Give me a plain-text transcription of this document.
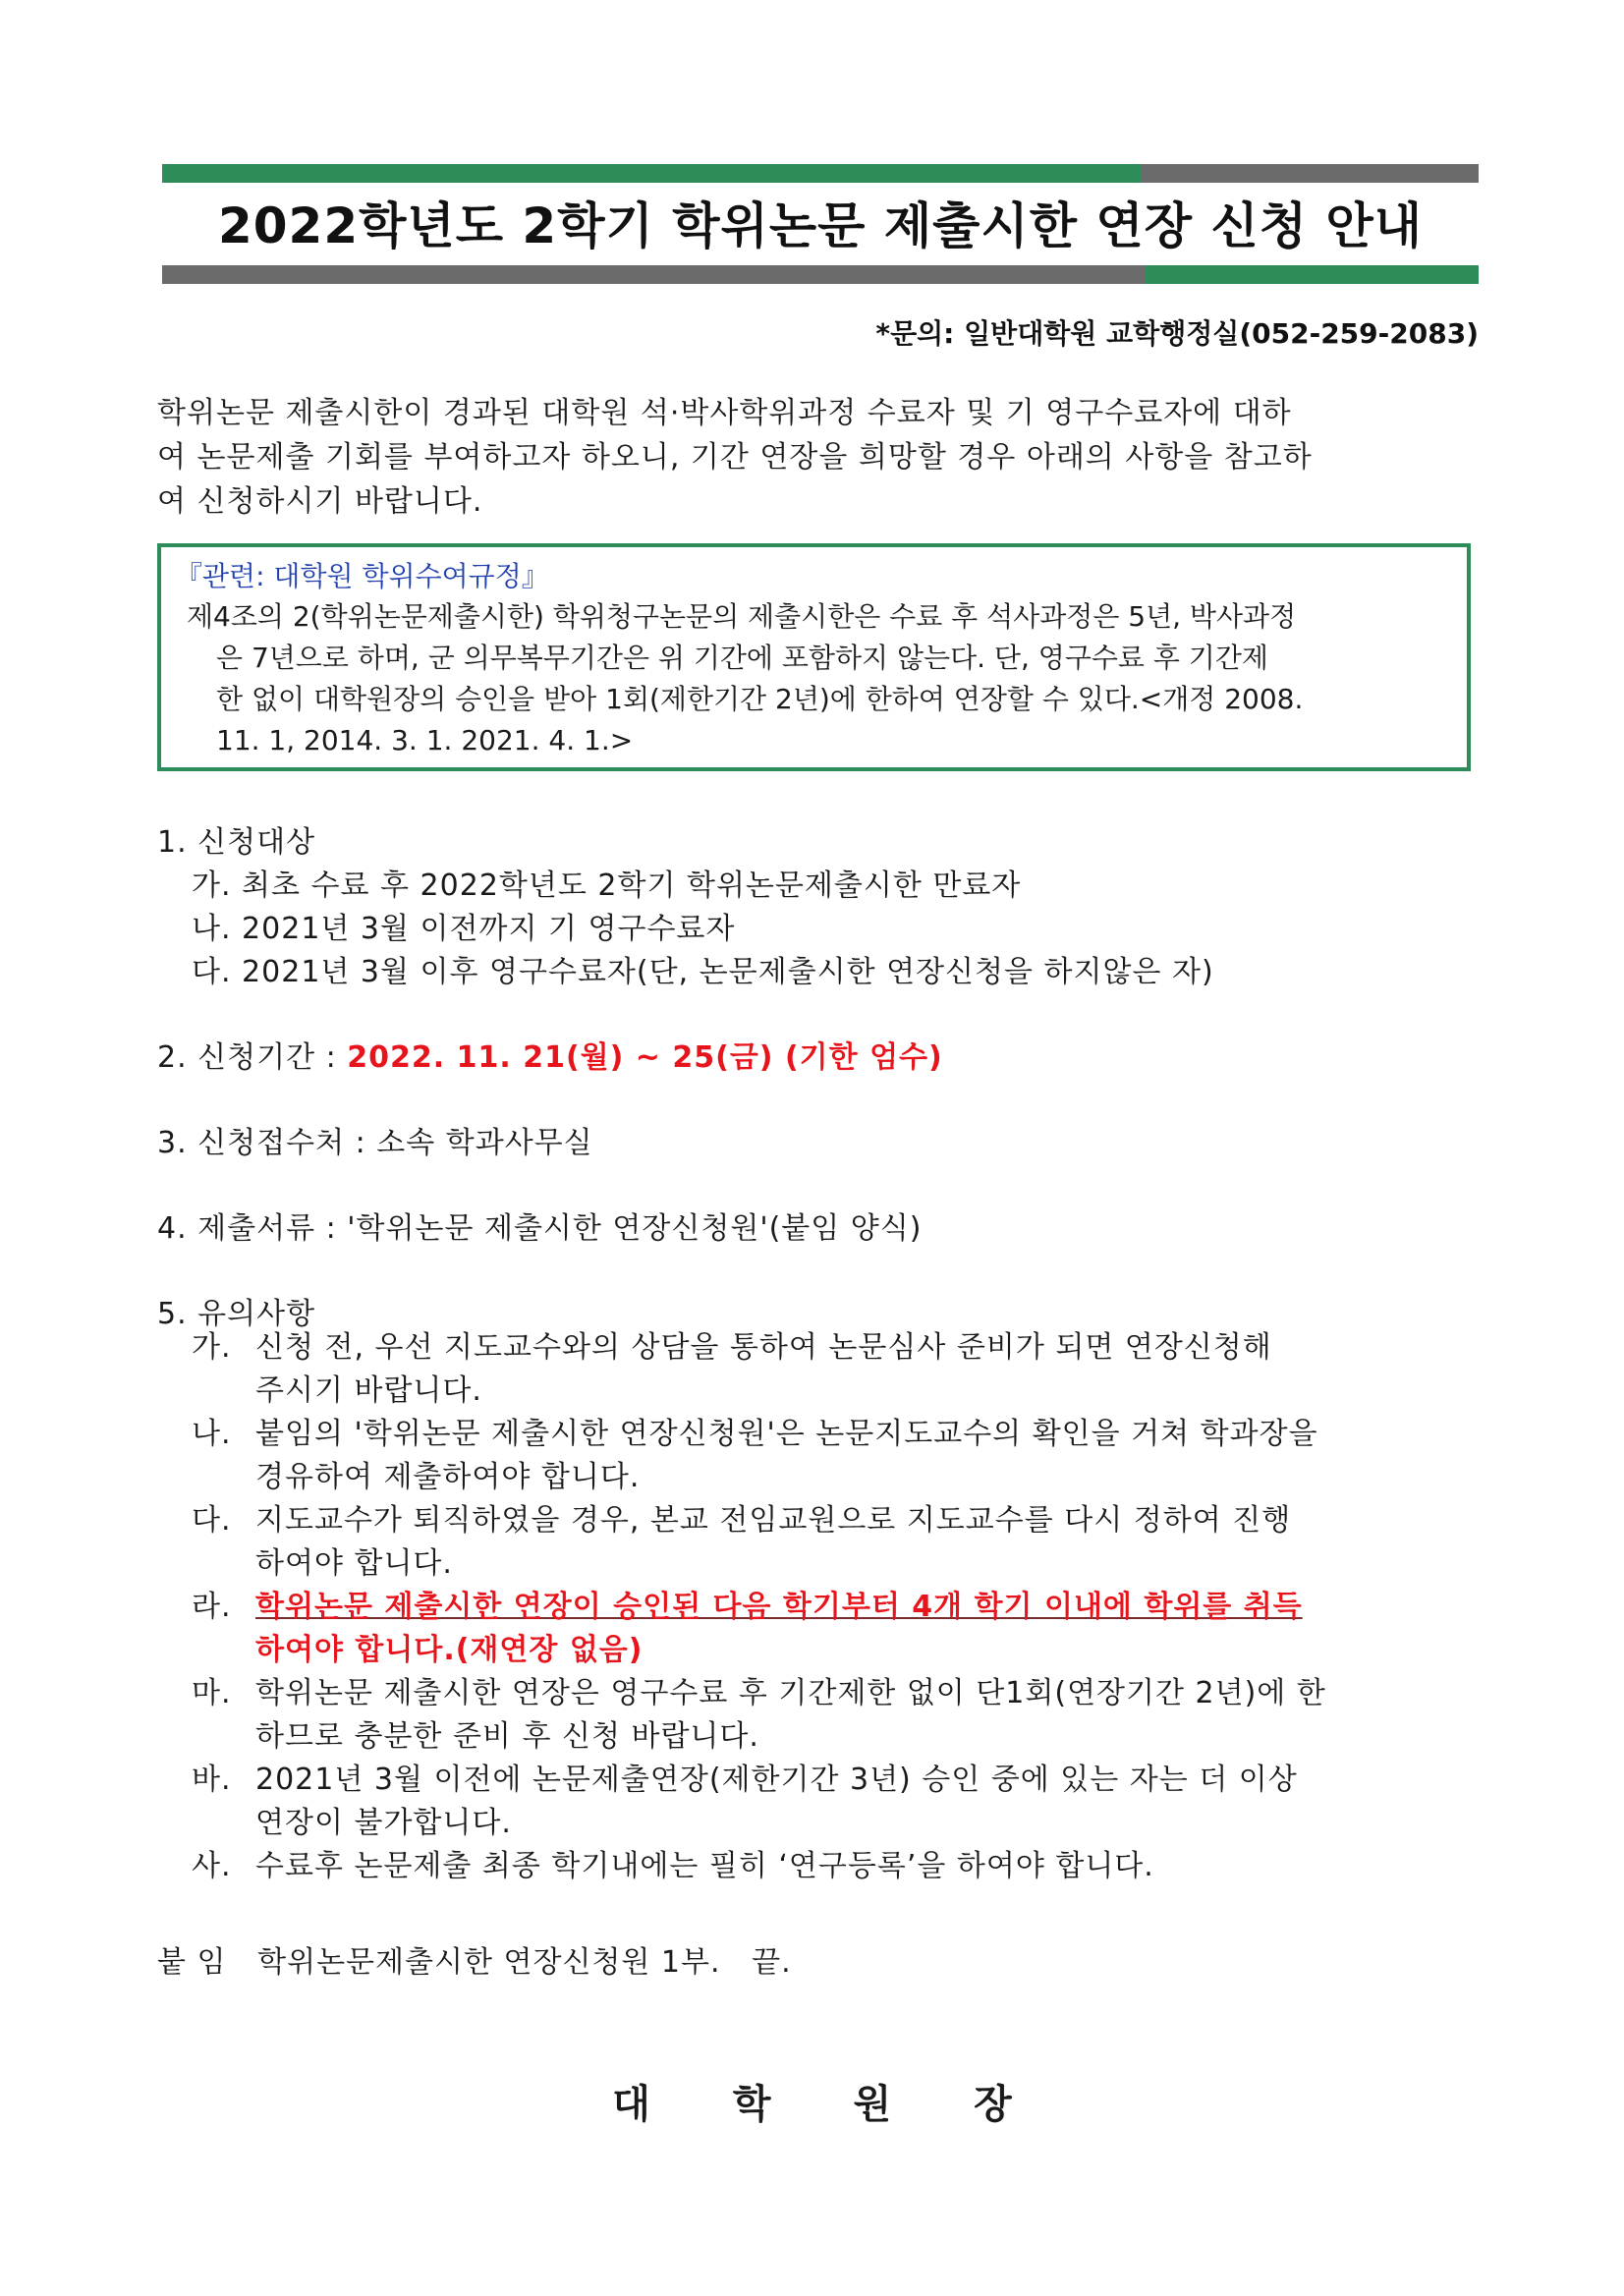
2022학년도 2학기 학위논문 제출시한 연장 신청 안내
*문의: 일반대학원 교학행정실(052-259-2083)
학위논문 제출시한이 경과된 대학원 석·박사학위과정 수료자 및 기 영구수료자에 대하
여 논문제출 기회를 부여하고자 하오니, 기간 연장을 희망할 경우 아래의 사항을 참고하
여 신청하시기 바랍니다.
『관련: 대학원 학위수여규정』
제4조의 2(학위논문제출시한) 학위청구논문의 제출시한은 수료 후 석사과정은 5년, 박사과정
은 7년으로 하며, 군 의무복무기간은 위 기간에 포함하지 않는다. 단, 영구수료 후 기간제
한 없이 대학원장의 승인을 받아 1회(제한기간 2년)에 한하여 연장할 수 있다.<개정 2008.
11. 1, 2014. 3. 1. 2021. 4. 1.>
1. 신청대상
가. 최초 수료 후 2022학년도 2학기 학위논문제출시한 만료자
나. 2021년 3월 이전까지 기 영구수료자
다. 2021년 3월 이후 영구수료자(단, 논문제출시한 연장신청을 하지않은 자)
2. 신청기간 : 2022. 11. 21(월) ~ 25(금) (기한 엄수)
3. 신청접수처 : 소속 학과사무실
4. 제출서류 : '학위논문 제출시한 연장신청원'(붙임 양식)
5. 유의사항
가. 신청 전, 우선 지도교수와의 상담을 통하여 논문심사 준비가 되면 연장신청해
주시기 바랍니다.
나. 붙임의 '학위논문 제출시한 연장신청원'은 논문지도교수의 확인을 거쳐 학과장을
경유하여 제출하여야 합니다.
다. 지도교수가 퇴직하였을 경우, 본교 전임교원으로 지도교수를 다시 정하여 진행
하여야 합니다.
라. 학위논문 제출시한 연장이 승인된 다음 학기부터 4개 학기 이내에 학위를 취득
하여야 합니다.(재연장 없음)
마. 학위논문 제출시한 연장은 영구수료 후 기간제한 없이 단1회(연장기간 2년)에 한
하므로 충분한 준비 후 신청 바랍니다.
바. 2021년 3월 이전에 논문제출연장(제한기간 3년) 승인 중에 있는 자는 더 이상
연장이 불가합니다.
사. 수료후 논문제출 최종 학기내에는 필히 ‘연구등록’을 하여야 합니다.
붙 임   학위논문제출시한 연장신청원 1부.   끝.
대 학 원 장
